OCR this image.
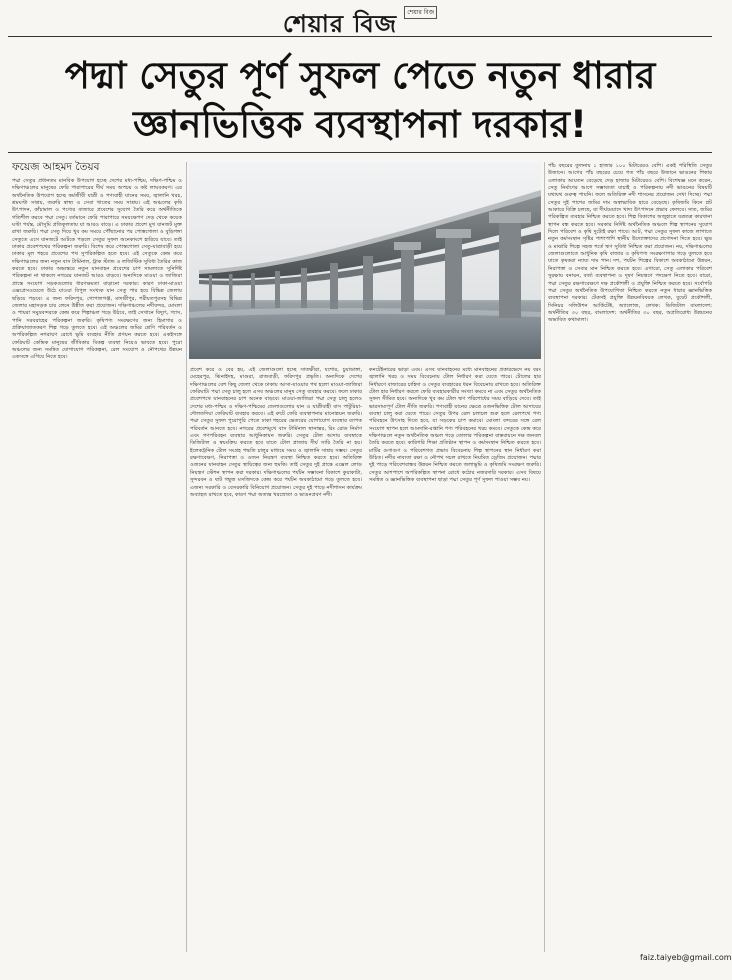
শেয়ার বিজ শেয়ার বিজ
পদ্মা সেতুর পূর্ণ সুফল পেতে নতুন ধারার
জ্ঞানভিত্তিক ব্যবস্থাপনা দরকার!
ফয়েজ আহমদ তৈয়ব

পদ্মা সেতুর প্রধানতম মানবিক উপযোগ হচ্ছে দেশের মধ্য-পশ্চিম, দক্ষিণ-পশ্চিম ও দক্ষিণাঞ্চলের মানুষের ফেরি পারাপারের দীর্ঘ সময় অপচয় ও কষ্ট লাঘবকরণ। এর অর্থনৈতিক উপযোগ হচ্ছে কর্মজীবী যাত্রী ও পণ্যবাহী যানের সময়, জ্বালানি খরচ, শ্রমঘণ্টা সাশ্রয়, জরুরি স্বাস্থ্য ও সেবা খাতের সময় সাশ্রয়। এই অঞ্চলের কৃষি উৎপাদন, কাঁচামাল ও পণ্যের বাজারে প্রবেশের সুযোগ তৈরি করে অর্থনীতিকে গতিশীল করবে পদ্মা সেতু। বর্তমানে ফেরি পারাপারে সময়ক্ষেপণ দেড় থেকে কয়েক ঘণ্টা পর্যন্ত, মৌসুমি প্রতিকূলতায় যা আরও বাড়ে। এ ঢাকার প্রবেশ মুখ যানজট মুক্ত রাখা জরুরি। পদ্মা সেতু দিয়ে খুব কম সময়ে পৌঁছানোর পর পোস্তগোলা ও বুড়িগঙ্গা সেতুতে এসে যানজটে আটকে পড়লে সেতুর সুফল অনেকাংশে হারিয়ে যাবে। তাই ঢাকার প্রবেশপথের পরিকল্পনা জরুরি। বিশেষ করে পোস্তগোলা সেতু-যাত্রাবাড়ী হয়ে ঢাকার মূল শহরে প্রবেশের পথ সুপরিকল্পিত হতে হবে। এই সেতুকে কেন্দ্র করে দক্ষিণাঞ্চলের জন্য নতুন বাস টার্মিনাল, ট্রাক স্ট্যান্ড ও লজিস্টিক সুবিধা তৈরির কাজ করতে হবে। ঢাকার অভ্যন্তরে নতুন যানবাহন প্রবেশের চাপ সামলাতে সুনির্দিষ্ট পরিকল্পনা না থাকলে নগরের যানজট আরও বাড়বে। অন্যদিকে মাওয়া ও জাজিরা প্রান্তে সংযোগ সড়কগুলোর ধারণক্ষমতা বাড়ানো দরকার। কারণ ঢাকা-মাওয়া এক্সপ্রেসওয়েতে উঠে যাওয়া বিপুল সংখ্যক যান সেতু পার হয়ে বিভিন্ন জেলায় ছড়িয়ে পড়বে। এ জন্য ফরিদপুর, গোপালগঞ্জ, মাদারীপুর, শরীয়তপুরসহ বিভিন্ন জেলার মহাসড়ক চার লেনে উন্নীত করা প্রয়োজন। দক্ষিণাঞ্চলের নদীবন্দর, মোংলা ও পায়রা সমুদ্রবন্দরকে কেন্দ্র করে শিল্পাঞ্চল গড়ে উঠবে, তাই সেখানে বিদ্যুৎ, গ্যাস, পানি সরবরাহের পরিকল্পনা জরুরি। কৃষিপণ্য সংরক্ষণের জন্য হিমাগার ও প্রক্রিয়াজাতকরণ শিল্প গড়ে তুলতে হবে। এই অঞ্চলের জমির শ্রেণি পরিবর্তন ও অপরিকল্পিত নগরায়ণ রোধে ভূমি ব্যবহার নীতি প্রণয়ন করতে হবে। একইসঙ্গে ফেরিঘাট কেন্দ্রিক মানুষের জীবিকার বিকল্প ব্যবস্থা নিয়েও ভাবতে হবে। পুরো অঞ্চলের জন্য সমন্বিত যোগাযোগ পরিকল্পনা, রেল সংযোগ ও নৌপথের উন্নয়ন একসঙ্গে এগিয়ে নিতে হবে।

প্রবেশ করে ও বের হয়, এই জেলাগুলো হচ্ছে সাতক্ষীরা, যশোর, চুয়াডাঙ্গা, মেহেরপুর, ঝিনাইদহ, মাগুরা, রাজবাড়ী, ফরিদপুর প্রভৃতি। অন্যদিকে দেশের দক্ষিণাঞ্চলের বেশ কিছু জেলা থেকে ঢাকায় আসা-যাওয়ার পথ হলো মাওয়া-জাজিরা ফেরিঘাট। পদ্মা সেতু চালু হলে এসব অঞ্চলের মানুষ সেতু ব্যবহার করবে। ফলে ঢাকার প্রবেশপথে যানবাহনের চাপ অনেক বাড়বে। মাওয়া-জাজিরা পদ্মা সেতু চালু হলেও দেশের মধ্য-পশ্চিম ও দক্ষিণ-পশ্চিমের জেলাগুলোর যান ও যাত্রীবাহী বাস পাটুরিয়া-দৌলতদিয়া ফেরিঘাট ব্যবহার করবে। এই রুটে ফেরি ব্যবস্থাপনার মানোন্নয়ন জরুরি। পদ্মা সেতুর সুফল পুরোপুরি পেতে ঢাকা শহরের ভেতরের যোগাযোগ ব্যবস্থার ব্যাপক পরিবর্তন আনতে হবে। নগরের প্রবেশমুখে বাস টার্মিনাল স্থানান্তর, রিং রোড নির্মাণ এবং গণপরিবহন ব্যবস্থার আধুনিকায়ন জরুরি। সেতুর টোল আদায় ব্যবস্থাকে ডিজিটাল ও স্বয়ংক্রিয় করতে হবে যাতে টোল প্লাজায় দীর্ঘ সারি তৈরি না হয়। ইলেকট্রনিক টোল সংগ্রহ পদ্ধতি চালুর মাধ্যমে সময় ও জ্বালানি সাশ্রয় সম্ভব। সেতুর রক্ষণাবেক্ষণ, নিরাপত্তা ও ওজন নিয়ন্ত্রণ ব্যবস্থা নিশ্চিত করতে হবে। অতিরিক্ত ওজনের যানবাহন সেতুর স্থায়িত্বের জন্য হুমকি। তাই সেতুর দুই প্রান্তে এক্সেল লোড নিয়ন্ত্রণ স্টেশন স্থাপন করা দরকার। দক্ষিণাঞ্চলের পর্যটন সম্ভাবনা বিকাশে কুয়াকাটা, সুন্দরবন ও ষাট গম্বুজ মসজিদকে কেন্দ্র করে পর্যটন অবকাঠামো গড়ে তুলতে হবে। এজন্য সরকারি ও বেসরকারি বিনিয়োগ প্রয়োজন। সেতুর দুই পাড়ে নদীশাসন কার্যক্রম অব্যাহত রাখতে হবে, কারণ পদ্মা অত্যন্ত খরস্রোতা ও ভাঙনপ্রবণ নদী।

কনটেইনারের ভাড়া এবং। এসব যানবাহনের মধ্যে মানবাহনের প্রকারভেদে নয় বরং জ্বালানি খরচ ও সময় বিবেচনায় টোল নির্ধারণ করা যেতে পারে। টোলের হার নির্ধারণে বাজারের চাহিদা ও সেতুর ব্যবহারের ধরন বিবেচনায় রাখতে হবে। অতিরিক্ত টোল হার নির্ধারণ করলে ফেরি ব্যবহারকারীর সংখ্যা কমবে না এবং সেতুর অর্থনৈতিক সুফল সীমিত হবে। অন্যদিকে খুব কম টোল ঋণ পরিশোধের সময় বাড়িয়ে দেবে। তাই ভারসাম্যপূর্ণ টোল নীতি জরুরি। পণ্যবাহী যানের ক্ষেত্রে ওজনভিত্তিক টোল আদায়ের ব্যবস্থা চালু করা যেতে পারে। সেতুর উপর রেল চলাচল শুরু হলে রেলপথে পণ্য পরিবহনে উৎসাহ দিতে হবে, যা সড়কের চাপ কমাবে। মোংলা বন্দরের সঙ্গে রেল সংযোগ স্থাপন হলে আমদানি-রপ্তানি পণ্য পরিবহনের খরচ কমবে। সেতুকে কেন্দ্র করে দক্ষিণাঞ্চলে নতুন অর্থনৈতিক অঞ্চল গড়ে তোলার পরিকল্পনা বাস্তবায়নে দক্ষ জনবল তৈরি করতে হবে। কারিগরি শিক্ষা প্রতিষ্ঠান স্থাপন ও কর্মসংস্থান নিশ্চিত করতে হবে। মাটির গুণাগুণ ও পরিবেশগত প্রভাব বিবেচনায় শিল্প স্থাপনের স্থান নির্ধারণ করা উচিত। নদীর নাব্যতা রক্ষা ও নৌপথ সচল রাখতে নিয়মিত ড্রেজিং প্রয়োজন। পদ্মার দুই পাড়ে পরিবেশবান্ধব উন্নয়ন নিশ্চিত করতে জলাভূমি ও কৃষিজমি সংরক্ষণ জরুরি। সেতুর আশপাশে অপরিকল্পিত স্থাপনা রোধে কঠোর নজরদারি দরকার। এসব বিষয়ে সমন্বিত ও জ্ঞানভিত্তিক ব্যবস্থাপনা ছাড়া পদ্মা সেতুর পূর্ণ সুফল পাওয়া সম্ভব নয়।

পাঁচ বছরের তুলনায় ১ হাজার ১০০ মিটারেরও বেশি। একই পরিস্থিতি সেতুর উজানে। আগের পাঁচ বছরের চেয়ে গত পাঁচ বছরে উজানে ভাঙনের শিকার এলাকার আয়তন বেড়েছে দেড় হাজার মিটারেরও বেশি। বিশেষজ্ঞ মনে করেন, সেতু নির্মাণের আগে সম্ভাব্যতা যাচাই ও পরিকল্পনায় নদী ভাঙনের বিষয়টি যথাযথ গুরুত্ব পায়নি। ফলে অতিরিক্ত নদী শাসনের প্রয়োজন দেখা দিচ্ছে। পদ্মা সেতুর দুই পাশের জমির দাম অস্বাভাবিক হারে বেড়েছে। কৃষিজমি কিনে প্লট আকারে বিক্রি চলছে, যা দীর্ঘমেয়াদে খাদ্য উৎপাদনে প্রভাব ফেলবে। সাত, জমির পরিকল্পিত ব্যবহার নিশ্চিত করতে হবে। শিল্প বিকাশের অজুহাতে যত্রতত্র কারখানা স্থাপন বন্ধ করতে হবে। সরকার নির্দিষ্ট অর্থনৈতিক অঞ্চলে শিল্প স্থাপনের সুযোগ দিলে পরিবেশ ও কৃষি দুটোই রক্ষা পাবে। আট, পদ্মা সেতুর সুফল কাজে লাগাতে নতুন কর্মসংস্থান সৃষ্টির পাশাপাশি স্থানীয় উদ্যোক্তাদের প্রণোদনা দিতে হবে। ক্ষুদ্র ও মাঝারি শিল্পে সহজ শর্তে ঋণ সুবিধা নিশ্চিত করা প্রয়োজন। নয়, দক্ষিণাঞ্চলের জেলাগুলোতে আধুনিক কৃষি বাজার ও কৃষিপণ্য সংরক্ষণাগার গড়ে তুলতে হবে যাতে কৃষকরা ন্যায্য দাম পান। দশ, পর্যটন শিল্পের বিকাশে অবকাঠামো উন্নয়ন, নিরাপত্তা ও সেবার মান নিশ্চিত করতে হবে। এগারো, সেতু এলাকার পরিবেশ সুরক্ষায় বনায়ন, বর্জ্য ব্যবস্থাপনা ও দূষণ নিয়ন্ত্রণে পদক্ষেপ নিতে হবে। বারো, পদ্মা সেতুর রক্ষণাবেক্ষণে দক্ষ প্রকৌশলী ও প্রযুক্তি নিশ্চিত করতে হবে। সর্বোপরি পদ্মা সেতুর অর্থনৈতিক উপযোগিতা নিশ্চিত করতে নতুন ধারার জ্ঞানভিত্তিক ব্যবস্থাপনা দরকার। টেকসই প্রযুক্তি উন্নয়নবিষয়ক লেখক, বুয়েট প্রকৌশলী, সিনিয়র সলিউশন আর্কিটেক্ট, অ্যালোজ, লেখক: ডিজিটাল বাংলাদেশ: অর্থনীতির ৩০ বছর, বাংলাদেশ: অর্থনীতির ৩০ বছর, অপ্রতিরোধ্য উন্নয়নের অভাবিত কথামালা।

faiz.taiyeb@gmail.com
